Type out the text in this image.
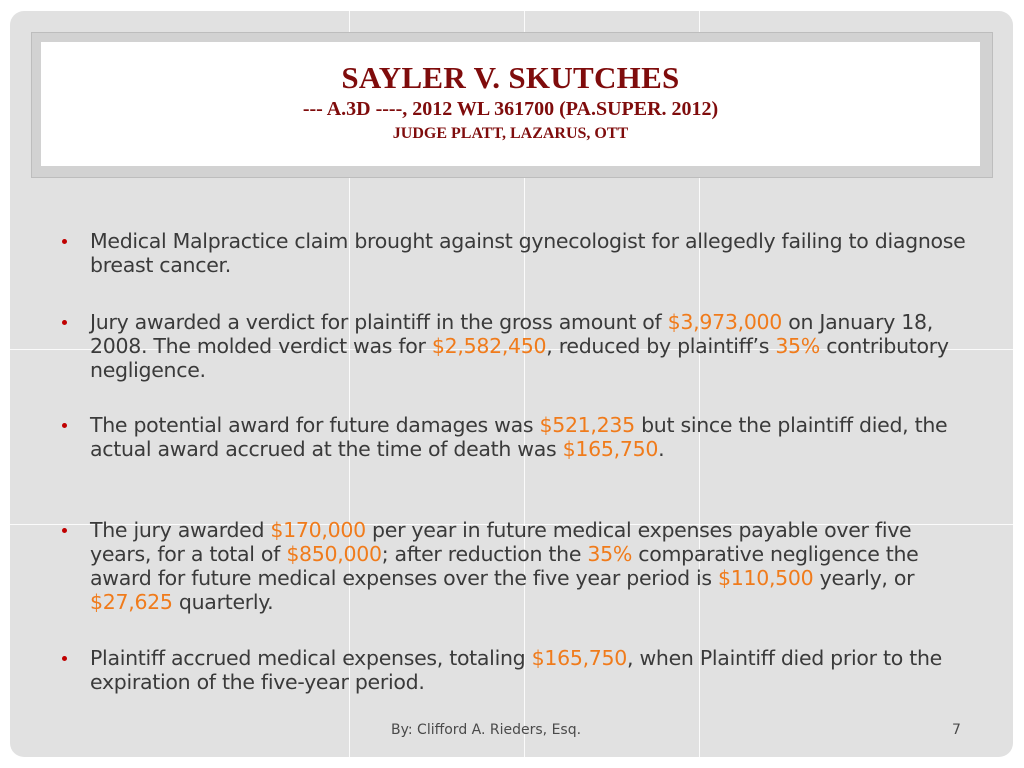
SAYLER V. SKUTCHES
--- A.3D ----, 2012 WL 361700 (PA.SUPER. 2012)
JUDGE PLATT, LAZARUS, OTT
Medical Malpractice claim brought against gynecologist for allegedly failing to diagnose breast cancer.
Jury awarded a verdict for plaintiff in the gross amount of $3,973,000 on January 18, 2008. The molded verdict was for $2,582,450, reduced by plaintiff’s 35% contributory negligence.
The potential award for future damages was $521,235 but since the plaintiff died, the actual award accrued at the time of death was $165,750.
The jury awarded $170,000 per year in future medical expenses payable over five years, for a total of $850,000; after reduction the 35% comparative negligence the award for future medical expenses over the five year period is $110,500 yearly, or $27,625 quarterly.
Plaintiff accrued medical expenses, totaling $165,750, when Plaintiff died prior to the expiration of the five-year period.
By: Clifford A. Rieders, Esq.	7
